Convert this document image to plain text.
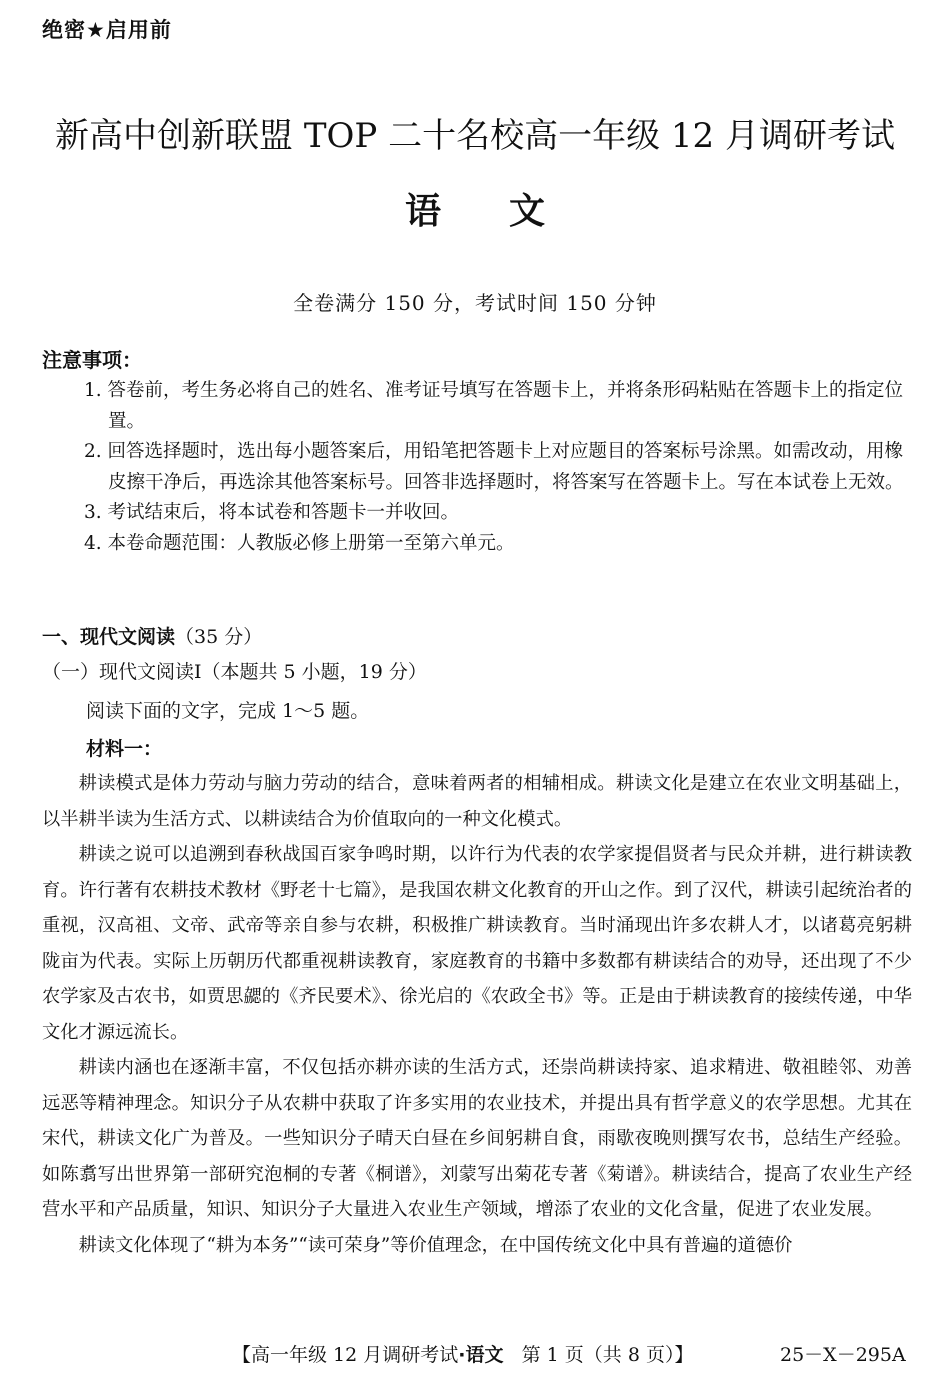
绝密★启用前
新高中创新联盟 TOP 二十名校高一年级 12 月调研考试
语文
全卷满分 150 分，考试时间 150 分钟
注意事项：

1. 答卷前，考生务必将自己的姓名、准考证号填写在答题卡上，并将条形码粘贴在答题卡上的指定位置。

2. 回答选择题时，选出每小题答案后，用铅笔把答题卡上对应题目的答案标号涂黑。如需改动，用橡皮擦干净后，再选涂其他答案标号。回答非选择题时，将答案写在答题卡上。写在本试卷上无效。

3. 考试结束后，将本试卷和答题卡一并收回。

4. 本卷命题范围：人教版必修上册第一至第六单元。

一、现代文阅读（35 分）
（一）现代文阅读Ⅰ（本题共 5 小题，19 分）
阅读下面的文字，完成 1～5 题。
材料一：

耕读模式是体力劳动与脑力劳动的结合，意味着两者的相辅相成。耕读文化是建立在农业文明基础上，以半耕半读为生活方式、以耕读结合为价值取向的一种文化模式。

耕读之说可以追溯到春秋战国百家争鸣时期，以许行为代表的农学家提倡贤者与民众并耕，进行耕读教育。许行著有农耕技术教材《野老十七篇》，是我国农耕文化教育的开山之作。到了汉代，耕读引起统治者的重视，汉高祖、文帝、武帝等亲自参与农耕，积极推广耕读教育。当时涌现出许多农耕人才，以诸葛亮躬耕陇亩为代表。实际上历朝历代都重视耕读教育，家庭教育的书籍中多数都有耕读结合的劝导，还出现了不少农学家及古农书，如贾思勰的《齐民要术》、徐光启的《农政全书》等。正是由于耕读教育的接续传递，中华文化才源远流长。

耕读内涵也在逐渐丰富，不仅包括亦耕亦读的生活方式，还崇尚耕读持家、追求精进、敬祖睦邻、劝善远恶等精神理念。知识分子从农耕中获取了许多实用的农业技术，并提出具有哲学意义的农学思想。尤其在宋代，耕读文化广为普及。一些知识分子晴天白昼在乡间躬耕自食，雨歇夜晚则撰写农书，总结生产经验。如陈翥写出世界第一部研究泡桐的专著《桐谱》，刘蒙写出菊花专著《菊谱》。耕读结合，提高了农业生产经营水平和产品质量，知识、知识分子大量进入农业生产领域，增添了农业的文化含量，促进了农业发展。

耕读文化体现了“耕为本务”“读可荣身”等价值理念，在中国传统文化中具有普遍的道德价

【高一年级 12 月调研考试·语文 第 1 页（共 8 页）】	25－X－295A
